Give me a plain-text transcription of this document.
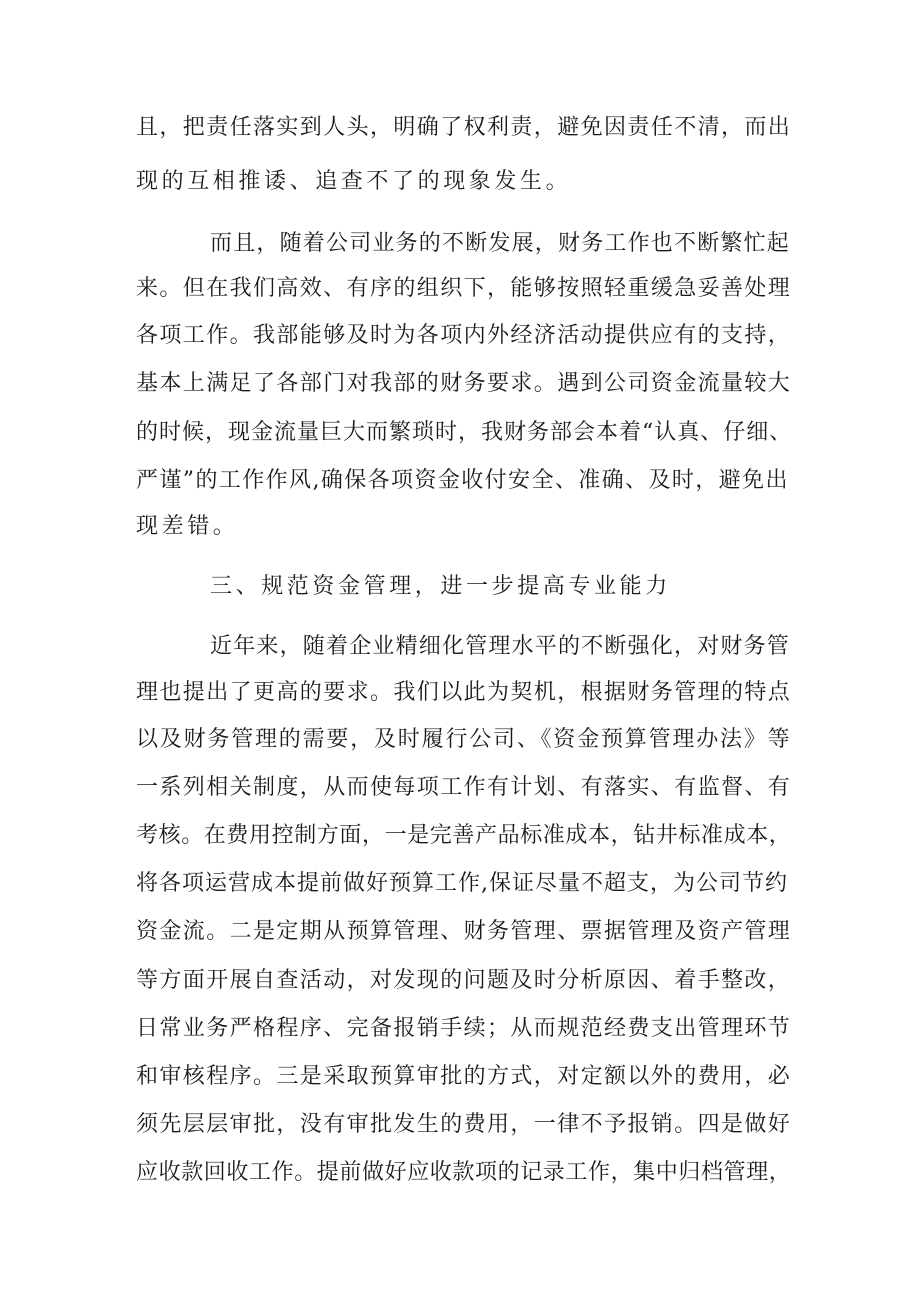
且，把责任落实到人头，明确了权利责，避免因责任不清，而出
现的互相推诿、追查不了的现象发生。
而且，随着公司业务的不断发展，财务工作也不断繁忙起
来。但在我们高效、有序的组织下，能够按照轻重缓急妥善处理
各项工作。我部能够及时为各项内外经济活动提供应有的支持，
基本上满足了各部门对我部的财务要求。遇到公司资金流量较大
的时候，现金流量巨大而繁琐时，我财务部会本着“认真、仔细、
严谨”的工作作风,确保各项资金收付安全、准确、及时，避免出
现差错。
三、规范资金管理，进一步提高专业能力
近年来，随着企业精细化管理水平的不断强化，对财务管
理也提出了更高的要求。我们以此为契机，根据财务管理的特点
以及财务管理的需要，及时履行公司、《资金预算管理办法》等
一系列相关制度，从而使每项工作有计划、有落实、有监督、有
考核。在费用控制方面，一是完善产品标准成本，钻井标准成本，
将各项运营成本提前做好预算工作,保证尽量不超支，为公司节约
资金流。二是定期从预算管理、财务管理、票据管理及资产管理
等方面开展自查活动，对发现的问题及时分析原因、着手整改，
日常业务严格程序、完备报销手续；从而规范经费支出管理环节
和审核程序。三是采取预算审批的方式，对定额以外的费用，必
须先层层审批，没有审批发生的费用，一律不予报销。四是做好
应收款回收工作。提前做好应收款项的记录工作，集中归档管理，
